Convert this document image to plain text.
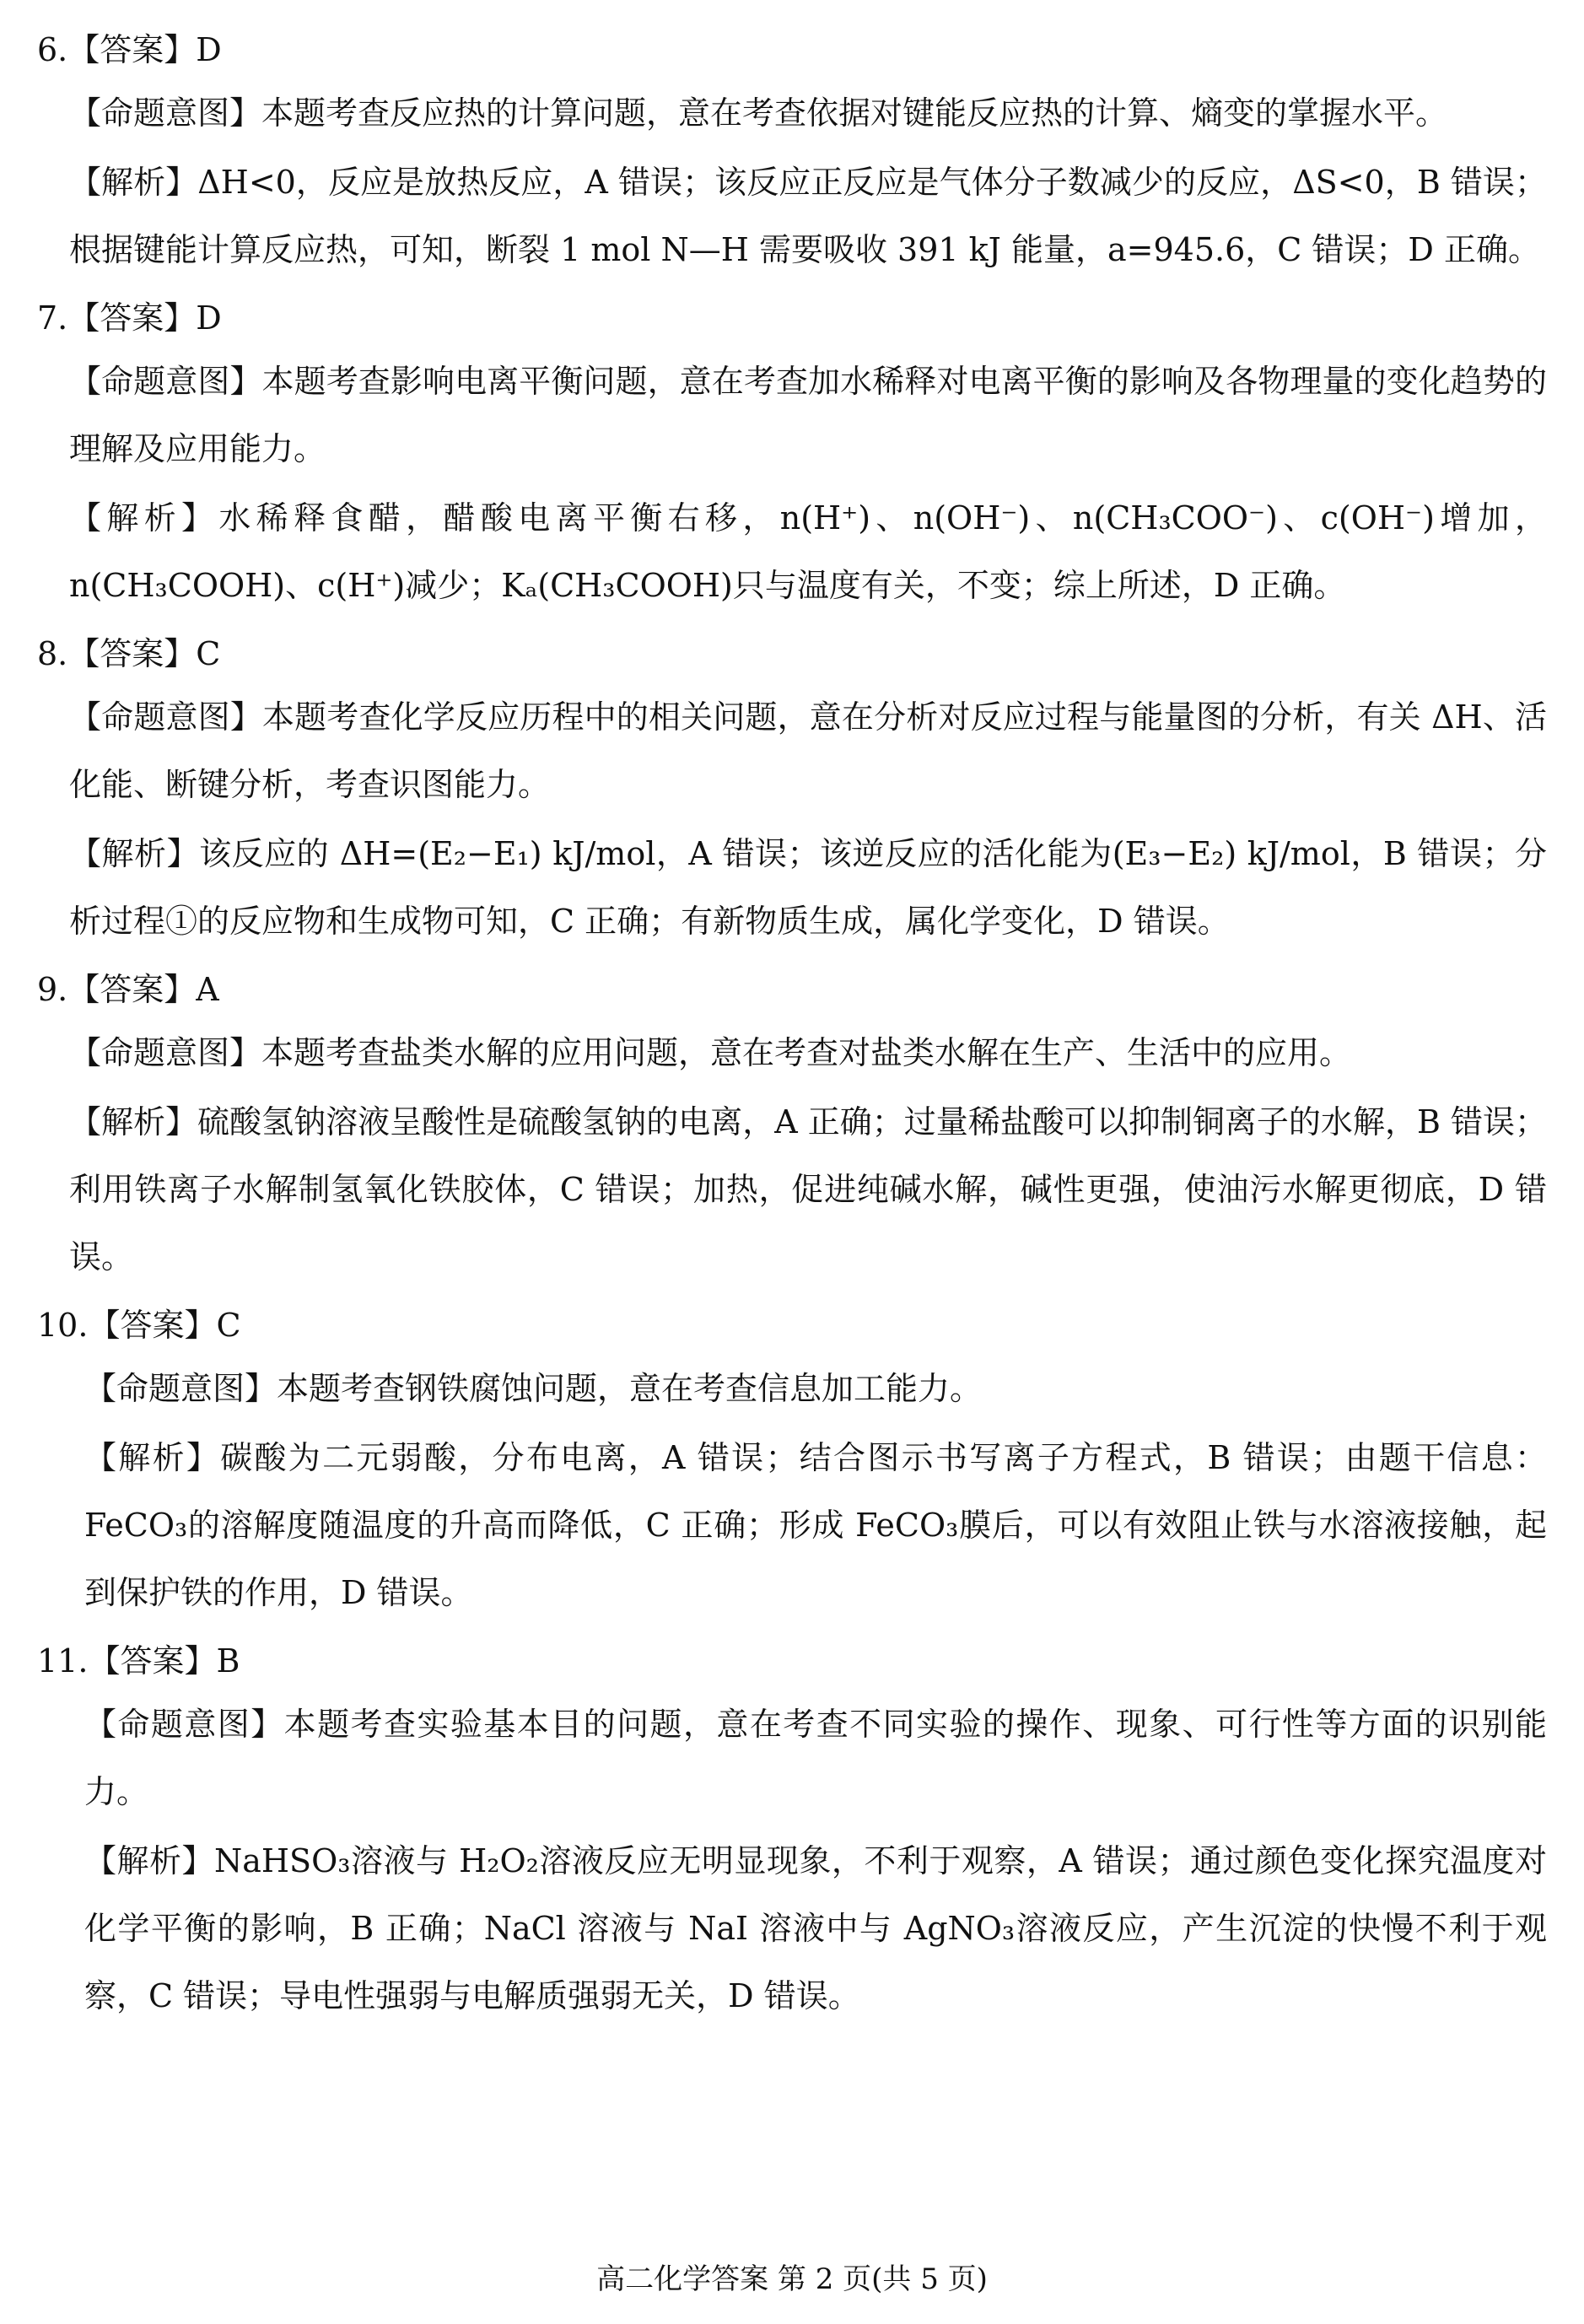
6.【答案】D
【命题意图】本题考查反应热的计算问题，意在考查依据对键能反应热的计算、熵变的掌握水平。
【解析】ΔH<0，反应是放热反应，A 错误；该反应正反应是气体分子数减少的反应，ΔS<0，B 错误；根据键能计算反应热，可知，断裂 1 mol N—H 需要吸收 391 kJ 能量，a=945.6，C 错误；D 正确。
7.【答案】D
【命题意图】本题考查影响电离平衡问题，意在考查加水稀释对电离平衡的影响及各物理量的变化趋势的理解及应用能力。
【解析】水稀释食醋，醋酸电离平衡右移，n(H⁺)、n(OH⁻)、n(CH₃COO⁻)、c(OH⁻)增加，n(CH₃COOH)、c(H⁺)减少；Kₐ(CH₃COOH)只与温度有关，不变；综上所述，D 正确。
8.【答案】C
【命题意图】本题考查化学反应历程中的相关问题，意在分析对反应过程与能量图的分析，有关 ΔH、活化能、断键分析，考查识图能力。
【解析】该反应的 ΔH=(E₂−E₁) kJ/mol，A 错误；该逆反应的活化能为(E₃−E₂) kJ/mol，B 错误；分析过程①的反应物和生成物可知，C 正确；有新物质生成，属化学变化，D 错误。
9.【答案】A
【命题意图】本题考查盐类水解的应用问题，意在考查对盐类水解在生产、生活中的应用。
【解析】硫酸氢钠溶液呈酸性是硫酸氢钠的电离，A 正确；过量稀盐酸可以抑制铜离子的水解，B 错误；利用铁离子水解制氢氧化铁胶体，C 错误；加热，促进纯碱水解，碱性更强，使油污水解更彻底，D 错误。
10.【答案】C
【命题意图】本题考查钢铁腐蚀问题，意在考查信息加工能力。
【解析】碳酸为二元弱酸，分布电离，A 错误；结合图示书写离子方程式，B 错误；由题干信息：FeCO₃的溶解度随温度的升高而降低，C 正确；形成 FeCO₃膜后，可以有效阻止铁与水溶液接触，起到保护铁的作用，D 错误。
11.【答案】B
【命题意图】本题考查实验基本目的问题，意在考查不同实验的操作、现象、可行性等方面的识别能力。
【解析】NaHSO₃溶液与 H₂O₂溶液反应无明显现象，不利于观察，A 错误；通过颜色变化探究温度对化学平衡的影响，B 正确；NaCl 溶液与 NaI 溶液中与 AgNO₃溶液反应，产生沉淀的快慢不利于观察，C 错误；导电性强弱与电解质强弱无关，D 错误。
高二化学答案 第 2 页(共 5 页)
